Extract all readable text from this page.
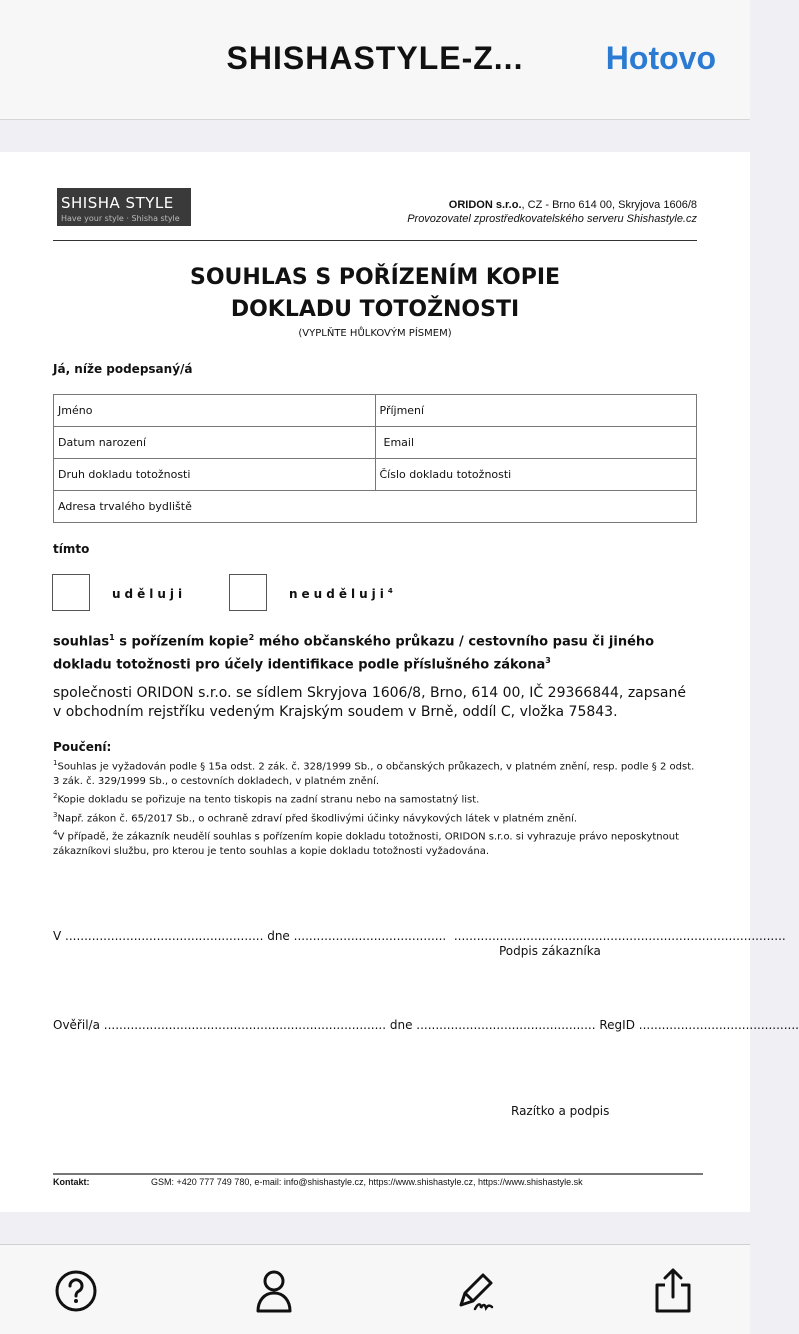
SHISHASTYLE-Z...	Hotovo
SHISHA STYLE
Have your style · Shisha style
ORIDON s.r.o., CZ - Brno 614 00, Skryjova 1606/8
Provozovatel zprostředkovatelského serveru Shishastyle.cz
SOUHLAS S POŘÍZENÍM KOPIE
DOKLADU TOTOŽNOSTI
(VYPLŇTE HŮLKOVÝM PÍSMEM)
Já, níže podepsaný/á
Jméno	Příjmení
Datum narození	Email
Druh dokladu totožnosti	Číslo dokladu totožnosti
Adresa trvalého bydliště	
tímto
uděluji	neuděluji$^4$
souhlas$^1$ s pořízením kopie$^2$ mého občanského průkazu / cestovního pasu či jiného dokladu totožnosti pro účely identifikace podle příslušného zákona$^3$
společnosti ORIDON s.r.o. se sídlem Skryjova 1606/8, Brno, 614 00, IČ 29366844, zapsané
v obchodním rejstříku vedeným Krajským soudem v Brně, oddíl C, vložka 75843.
Poučení:
$^1$Souhlas je vyžadován podle § 15a odst. 2 zák. č. 328/1999 Sb., o občanských průkazech, v platném znění, resp. podle § 2 odst. 3 zák. č. 329/1999 Sb., o cestovních dokladech, v platném znění.
$^2$Kopie dokladu se pořizuje na tento tiskopis na zadní stranu nebo na samostatný list.
$^3$Např. zákon č. 65/2017 Sb., o ochraně zdraví před škodlivými účinky návykových látek v platném znění.
$^4$V případě, že zákazník neudělí souhlas s pořízením kopie dokladu totožnosti, ORIDON s.r.o. si vyhrazuje právo neposkytnout zákazníkovi službu, pro kterou je tento souhlas a kopie dokladu totožnosti vyžadována.
V .................................................... dne ........................................  .......................................................................................
Podpis zákazníka
Ověřil/a .......................................................................... dne ............................................... RegID ..........................................
Razítko a podpis
Kontakt:	GSM: +420 777 749 780, e-mail: info@shishastyle.cz, https://www.shishastyle.cz, https://www.shishastyle.sk
